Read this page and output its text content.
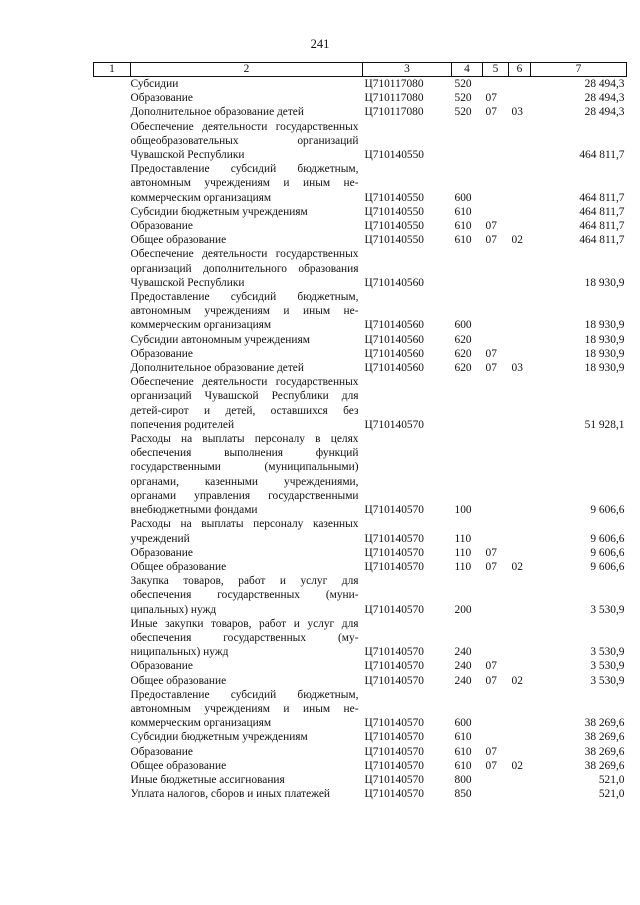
241
1	2	3	4	5	6	7
	Субсидии	Ц710117080	520			28 494,3
	Образование	Ц710117080	520	07		28 494,3
	Дополнительное образование детей	Ц710117080	520	07	03	28 494,3
	Обеспечение деятельности государственных общеобразовательных организаций Чувашской Республики	Ц710140550				464 811,7
	Предоставление субсидий бюджетным, автономным учреждениям и иным некоммерческим организациям	Ц710140550	600			464 811,7
	Субсидии бюджетным учреждениям	Ц710140550	610			464 811,7
	Образование	Ц710140550	610	07		464 811,7
	Общее образование	Ц710140550	610	07	02	464 811,7
	Обеспечение деятельности государственных организаций дополнительного образования Чувашской Республики	Ц710140560				18 930,9
	Предоставление субсидий бюджетным, автономным учреждениям и иным некоммерческим организациям	Ц710140560	600			18 930,9
	Субсидии автономным учреждениям	Ц710140560	620			18 930,9
	Образование	Ц710140560	620	07		18 930,9
	Дополнительное образование детей	Ц710140560	620	07	03	18 930,9
	Обеспечение деятельности государственных организаций Чувашской Республики для детей-сирот и детей, оставшихся без попечения родителей	Ц710140570				51 928,1
	Расходы на выплаты персоналу в целях обеспечения выполнения функций государственными (муниципальными) органами, казенными учреждениями, органами управления государственными внебюджетными фондами	Ц710140570	100			9 606,6
	Расходы на выплаты персоналу казенных учреждений	Ц710140570	110			9 606,6
	Образование	Ц710140570	110	07		9 606,6
	Общее образование	Ц710140570	110	07	02	9 606,6
	Закупка товаров, работ и услуг для обеспечения государственных (муниципальных) нужд	Ц710140570	200			3 530,9
	Иные закупки товаров, работ и услуг для обеспечения государственных (муниципальных) нужд	Ц710140570	240			3 530,9
	Образование	Ц710140570	240	07		3 530,9
	Общее образование	Ц710140570	240	07	02	3 530,9
	Предоставление субсидий бюджетным, автономным учреждениям и иным некоммерческим организациям	Ц710140570	600			38 269,6
	Субсидии бюджетным учреждениям	Ц710140570	610			38 269,6
	Образование	Ц710140570	610	07		38 269,6
	Общее образование	Ц710140570	610	07	02	38 269,6
	Иные бюджетные ассигнования	Ц710140570	800			521,0
	Уплата налогов, сборов и иных платежей	Ц710140570	850			521,0
